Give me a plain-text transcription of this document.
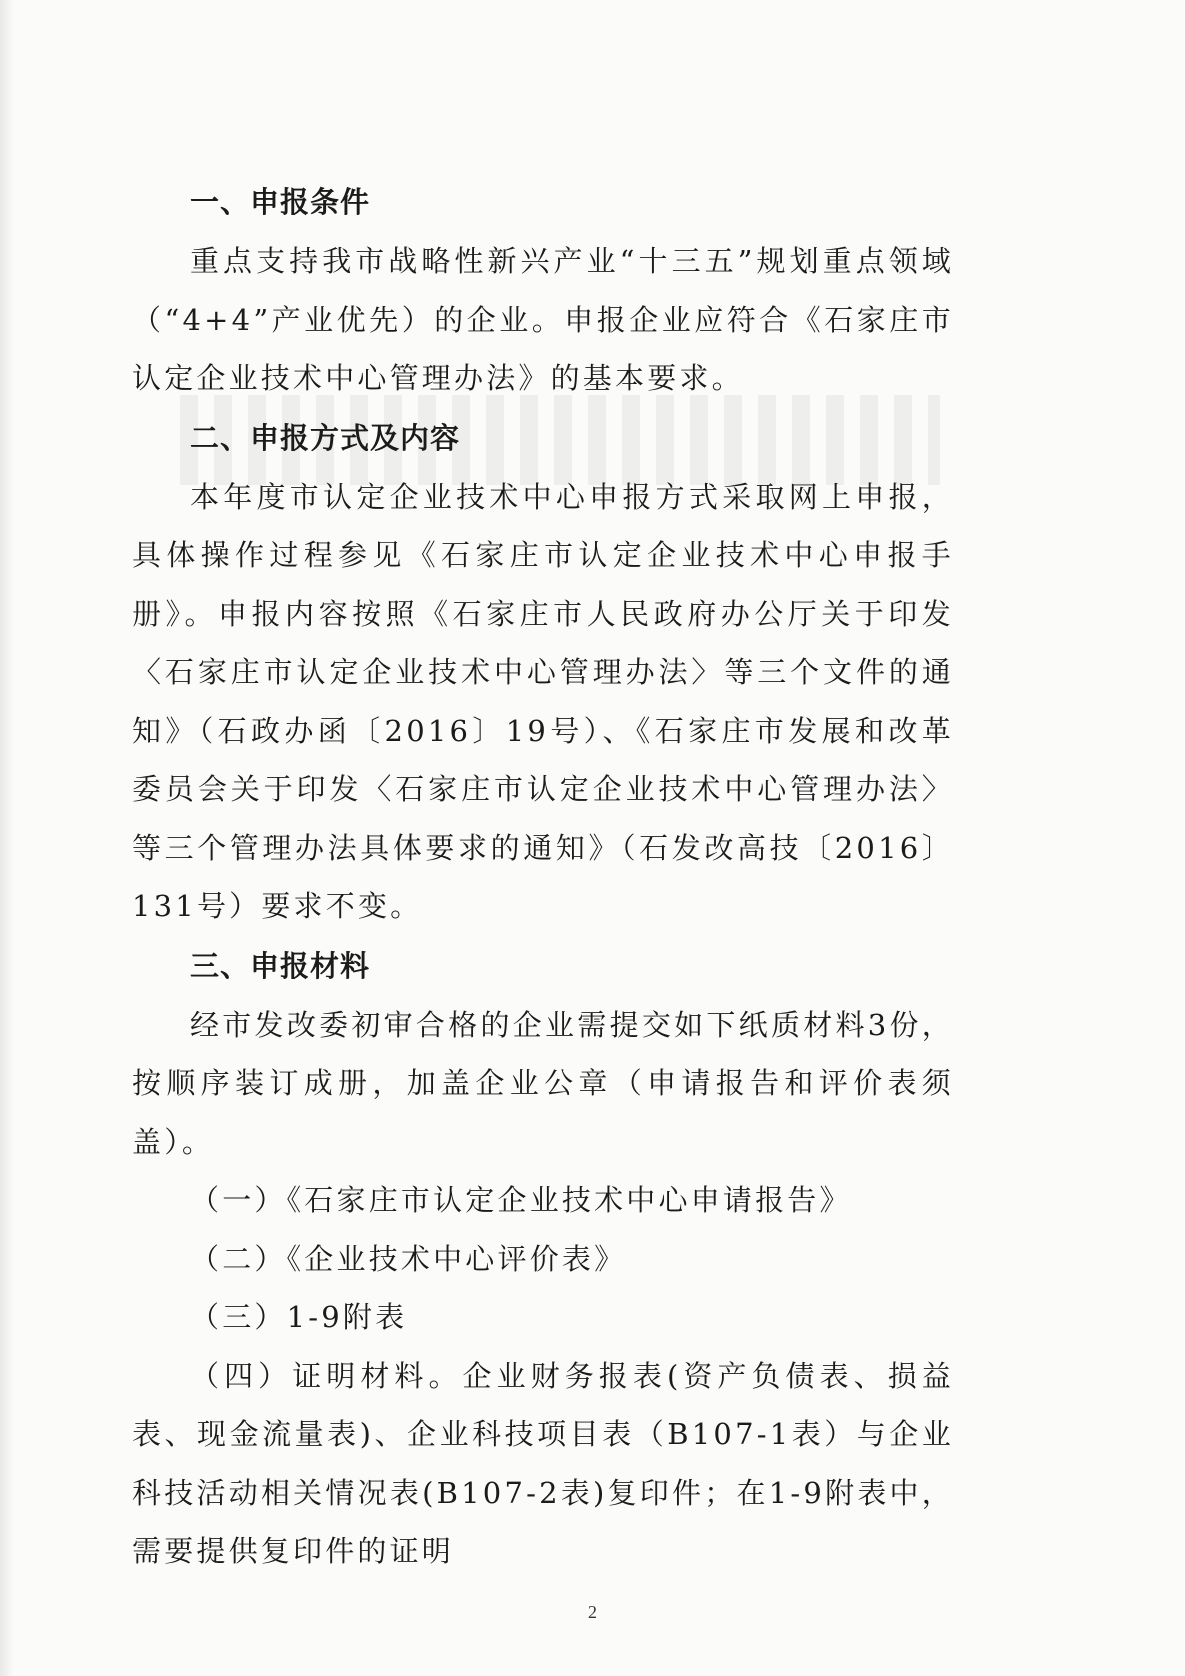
一、申报条件

重点支持我市战略性新兴产业“十三五”规划重点领域（“4+4”产业优先）的企业。申报企业应符合《石家庄市认定企业技术中心管理办法》的基本要求。

二、申报方式及内容

本年度市认定企业技术中心申报方式采取网上申报，具体操作过程参见《石家庄市认定企业技术中心申报手册》。申报内容按照《石家庄市人民政府办公厅关于印发〈石家庄市认定企业技术中心管理办法〉等三个文件的通知》（石政办函〔2016〕19号）、《石家庄市发展和改革委员会关于印发〈石家庄市认定企业技术中心管理办法〉等三个管理办法具体要求的通知》（石发改高技〔2016〕131号）要求不变。

三、申报材料

经市发改委初审合格的企业需提交如下纸质材料3份，按顺序装订成册，加盖企业公章（申请报告和评价表须盖）。

（一）《石家庄市认定企业技术中心申请报告》

（二）《企业技术中心评价表》

（三）1-9附表

（四）证明材料。企业财务报表(资产负债表、损益表、现金流量表)、企业科技项目表（B107-1表）与企业科技活动相关情况表(B107-2表)复印件；在1-9附表中，需要提供复印件的证明

2
